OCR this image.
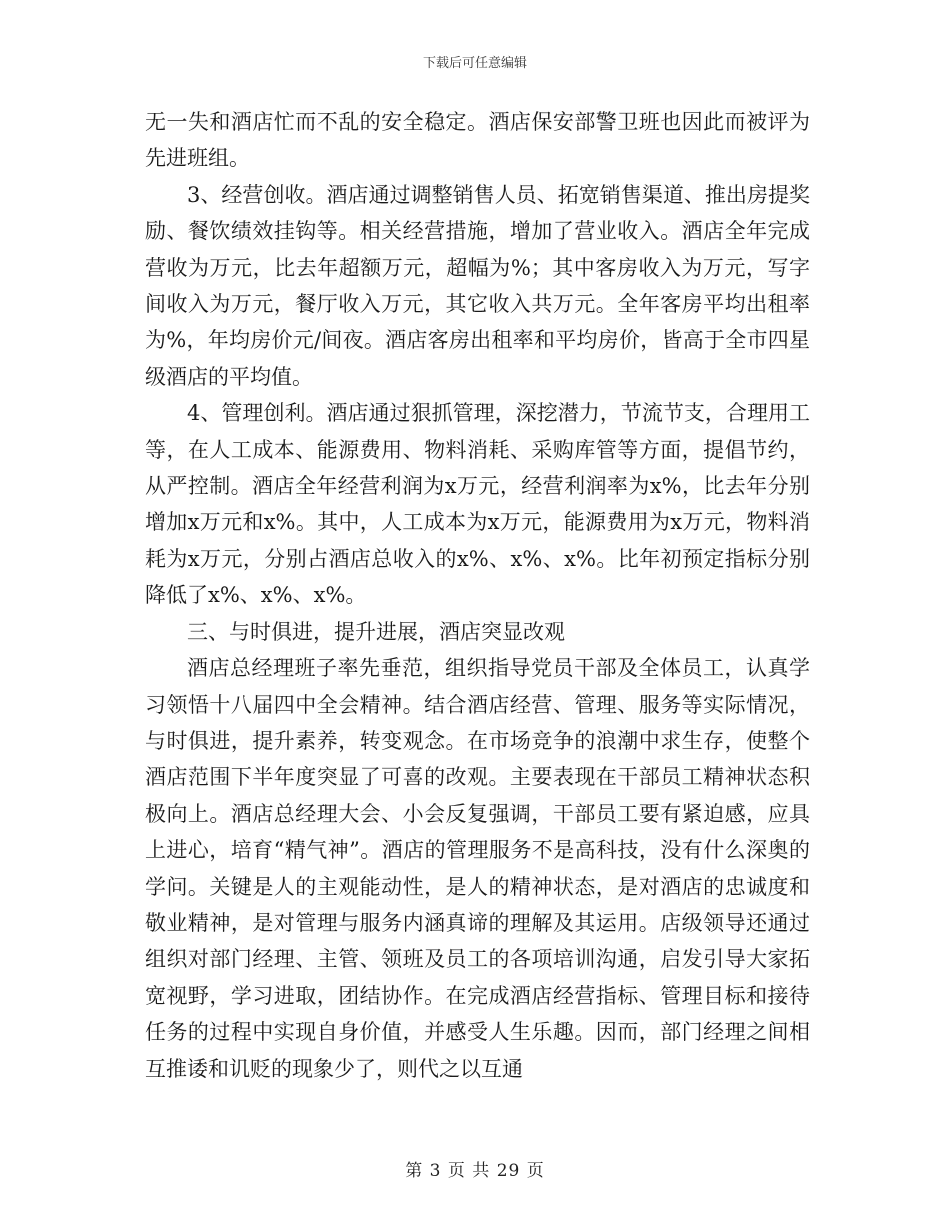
下载后可任意编辑

无一失和酒店忙而不乱的安全稳定。酒店保安部警卫班也因此而被评为先进班组。

3、经营创收。酒店通过调整销售人员、拓宽销售渠道、推出房提奖励、餐饮绩效挂钩等。相关经营措施，增加了营业收入。酒店全年完成营收为万元，比去年超额万元，超幅为%；其中客房收入为万元，写字间收入为万元，餐厅收入万元，其它收入共万元。全年客房平均出租率为%，年均房价元/间夜。酒店客房出租率和平均房价，皆高于全市四星级酒店的平均值。

4、管理创利。酒店通过狠抓管理，深挖潜力，节流节支，合理用工等，在人工成本、能源费用、物料消耗、采购库管等方面，提倡节约，从严控制。酒店全年经营利润为x万元，经营利润率为x%，比去年分别增加x万元和x%。其中，人工成本为x万元，能源费用为x万元，物料消耗为x万元，分别占酒店总收入的x%、x%、x%。比年初预定指标分别降低了x%、x%、x%。

三、与时俱进，提升进展，酒店突显改观

酒店总经理班子率先垂范，组织指导党员干部及全体员工，认真学习领悟十八届四中全会精神。结合酒店经营、管理、服务等实际情况，与时俱进，提升素养，转变观念。在市场竞争的浪潮中求生存，使整个酒店范围下半年度突显了可喜的改观。主要表现在干部员工精神状态积极向上。酒店总经理大会、小会反复强调，干部员工要有紧迫感，应具上进心，培育“精气神”。酒店的管理服务不是高科技，没有什么深奥的学问。关键是人的主观能动性，是人的精神状态，是对酒店的忠诚度和敬业精神，是对管理与服务内涵真谛的理解及其运用。店级领导还通过组织对部门经理、主管、领班及员工的各项培训沟通，启发引导大家拓宽视野，学习进取，团结协作。在完成酒店经营指标、管理目标和接待任务的过程中实现自身价值，并感受人生乐趣。因而，部门经理之间相互推诿和讥贬的现象少了，则代之以互通

第 3 页 共 29 页
